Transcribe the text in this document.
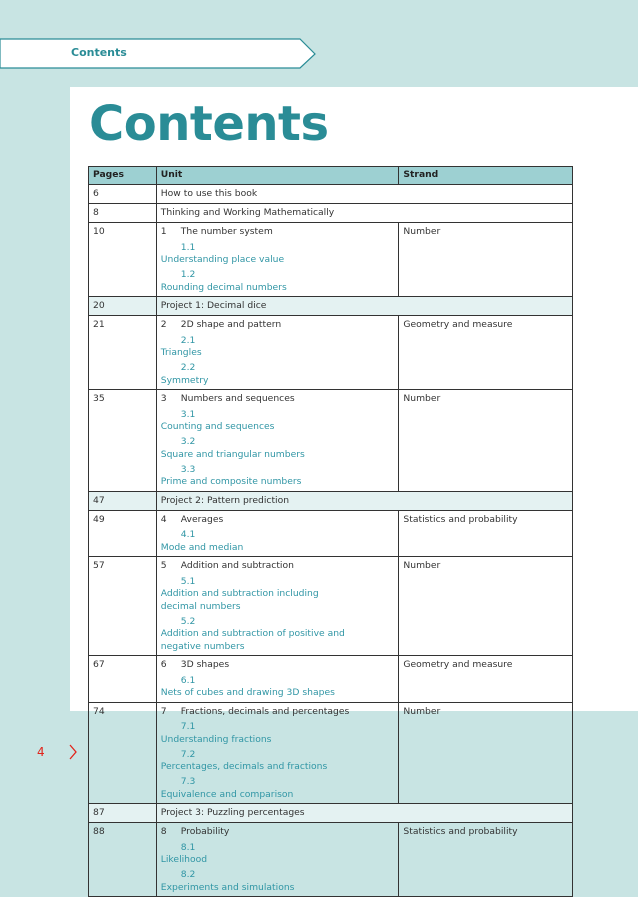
Contents
Contents
Pages	Unit	Strand

6	How to use this book	

8	Thinking and Working Mathematically	

10	1 The number system
1.1Understanding place value
1.2Rounding decimal numbers	Number

20	Project 1: Decimal dice	

21	2 2D shape and pattern
2.1Triangles
2.2Symmetry	Geometry and measure

35	3 Numbers and sequences
3.1Counting and sequences
3.2Square and triangular numbers
3.3Prime and composite numbers	Number

47	Project 2: Pattern prediction	

49	4 Averages
4.1Mode and median	Statistics and probability

57	5 Addition and subtraction
5.1Addition and subtraction including decimal numbers
5.2Addition and subtraction of positive and negative numbers	Number

67	6 3D shapes
6.1Nets of cubes and drawing 3D shapes	Geometry and measure

74	7 Fractions, decimals and percentages
7.1Understanding fractions
7.2Percentages, decimals and fractions
7.3Equivalence and comparison	Number

87	Project 3: Puzzling percentages	

88	8 Probability
8.1Likelihood
8.2Experiments and simulations	Statistics and probability
4
